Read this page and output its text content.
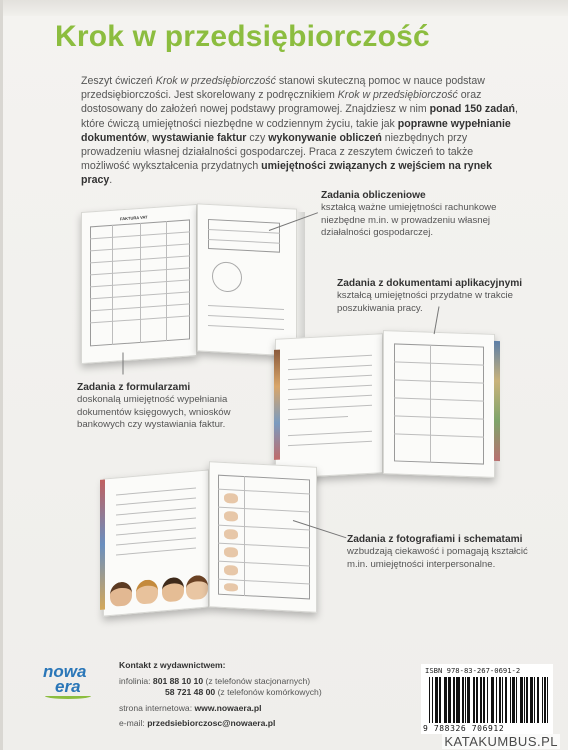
Krok w przedsiębiorczość

Zeszyt ćwiczeń Krok w przedsiębiorczość stanowi skuteczną pomoc w nauce podstaw przedsiębiorczości. Jest skorelowany z podręcznikiem Krok w przedsiębiorczość oraz dostosowany do założeń nowej podstawy programowej. Znajdziesz w nim ponad 150 zadań, które ćwiczą umiejętności niezbędne w codziennym życiu, takie jak poprawne wypełnianie dokumentów, wystawianie faktur czy wykonywanie obliczeń niezbędnych przy prowadzeniu własnej działalności gospodarczej. Praca z zeszytem ćwiczeń to także możliwość wykształcenia przydatnych umiejętności związanych z wejściem na rynek pracy.

FAKTURA VAT
Zadania obliczeniowe
kształcą ważne umiejętności rachunkowe niezbędne m.in. w prowadzeniu własnej działalności gospodarczej.
Zadania z dokumentami aplikacyjnymi
kształcą umiejętności przydatne w trakcie poszukiwania pracy.
Zadania z formularzami
doskonalą umiejętność wypełniania dokumentów księgowych, wniosków bankowych czy wystawiania faktur.
Zadania z fotografiami i schematami
wzbudzają ciekawość i pomagają kształcić m.in. umiejętności interpersonalne.
nowa
era
Kontakt z wydawnictwem:
infolinia: 801 88 10 10 (z telefonów stacjonarnych)
58 721 48 00 (z telefonów komórkowych)
strona internetowa: www.nowaera.pl
e-mail: przedsiebiorczosc@nowaera.pl
ISBN 978-83-267-0691-2
9 788326 706912
KATAKUMBUS.PL
